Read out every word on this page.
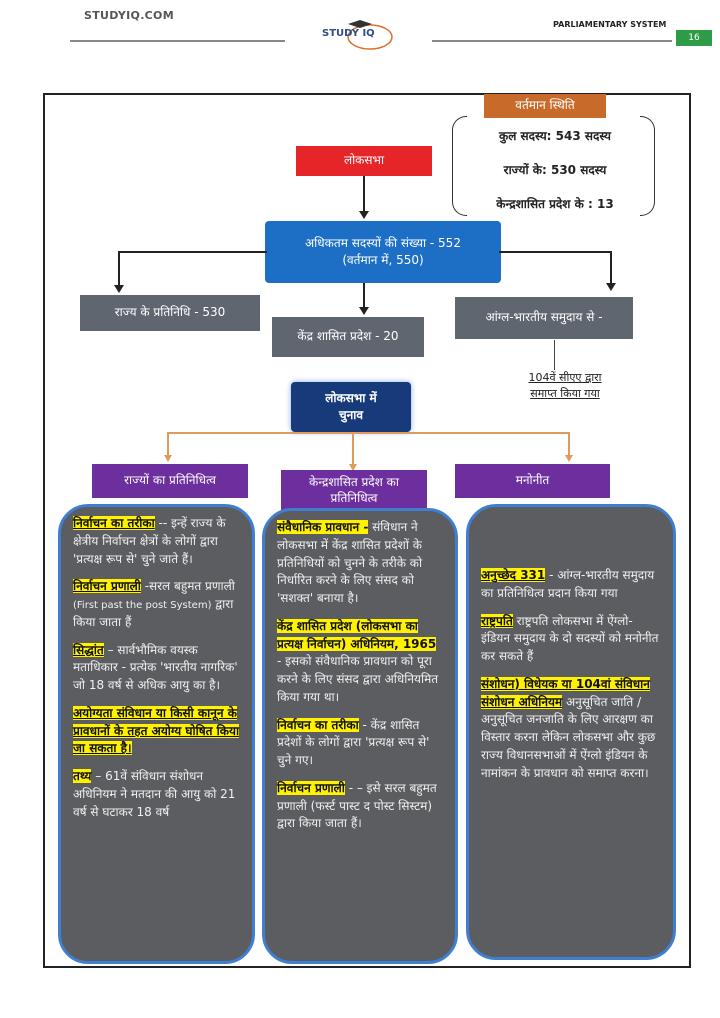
STUDYIQ.COM
PARLIAMENTARY SYSTEM
16
STUDY IQ
वर्तमान स्थिति
कुल सदस्य: 543 सदस्य
राज्यों के: 530 सदस्य
केन्द्रशासित प्रदेश के : 13
लोकसभा
अधिकतम सदस्यों की संख्या - 552
(वर्तमान में, 550)
राज्य के प्रतिनिधि - 530
केंद्र शासित प्रदेश - 20
आंग्ल-भारतीय समुदाय से -
104वें सीएए द्वारा
समाप्त किया गया
लोकसभा में
चुनाव
राज्यों का प्रतिनिधित्व	केन्द्रशासित प्रदेश का
प्रतिनिधित्व
मनोनीत

निर्वाचन का तरीका -- इन्हें राज्य के क्षेत्रीय निर्वाचन क्षेत्रों के लोगों द्वारा 'प्रत्यक्ष रूप से' चुने जाते हैं।

निर्वाचन प्रणाली -सरल बहुमत प्रणाली (First past the post System) द्वारा किया जाता हैं

सिद्धांत – सार्वभौमिक वयस्क मताधिकार - प्रत्येक 'भारतीय नागरिक' जो 18 वर्ष से अधिक आयु का है।

अयोग्यता संविधान या किसी कानून के प्रावधानों के तहत अयोग्य घोषित किया जा सकता है।

तथ्य – 61वें संविधान संशोधन अधिनियम ने मतदान की आयु को 21 वर्ष से घटाकर 18 वर्ष

संवैधानिक प्रावधान - संविधान ने लोकसभा में केंद्र शासित प्रदेशों के प्रतिनिधियों को चुनने के तरीके को निर्धारित करने के लिए संसद को 'सशक्त' बनाया है।

केंद्र शासित प्रदेश (लोकसभा का प्रत्यक्ष निर्वाचन) अधिनियम, 1965 - इसको संवैधानिक प्रावधान को पूरा करने के लिए संसद द्वारा अधिनियमित किया गया था।

निर्वाचन का तरीका - केंद्र शासित प्रदेशों के लोगों द्वारा 'प्रत्यक्ष रूप से' चुने गए।

निर्वाचन प्रणाली - – इसे सरल बहुमत प्रणाली (फर्स्ट पास्ट द पोस्ट सिस्टम) द्वारा किया जाता हैं।

अनुच्छेद 331 - आंग्ल-भारतीय समुदाय का प्रतिनिधित्व प्रदान किया गया

राष्ट्रपति राष्ट्रपति लोकसभा में ऐंग्लो-इंडियन समुदाय के दो सदस्यों को मनोनीत कर सकते हैं

संशोधन) विधेयक या 104वां संविधान संशोधन अधिनियम अनुसूचित जाति / अनुसूचित जनजाति के लिए आरक्षण का विस्तार करना लेकिन लोकसभा और कुछ राज्य विधानसभाओं में ऐंग्लो इंडियन के नामांकन के प्रावधान को समाप्त करना।
